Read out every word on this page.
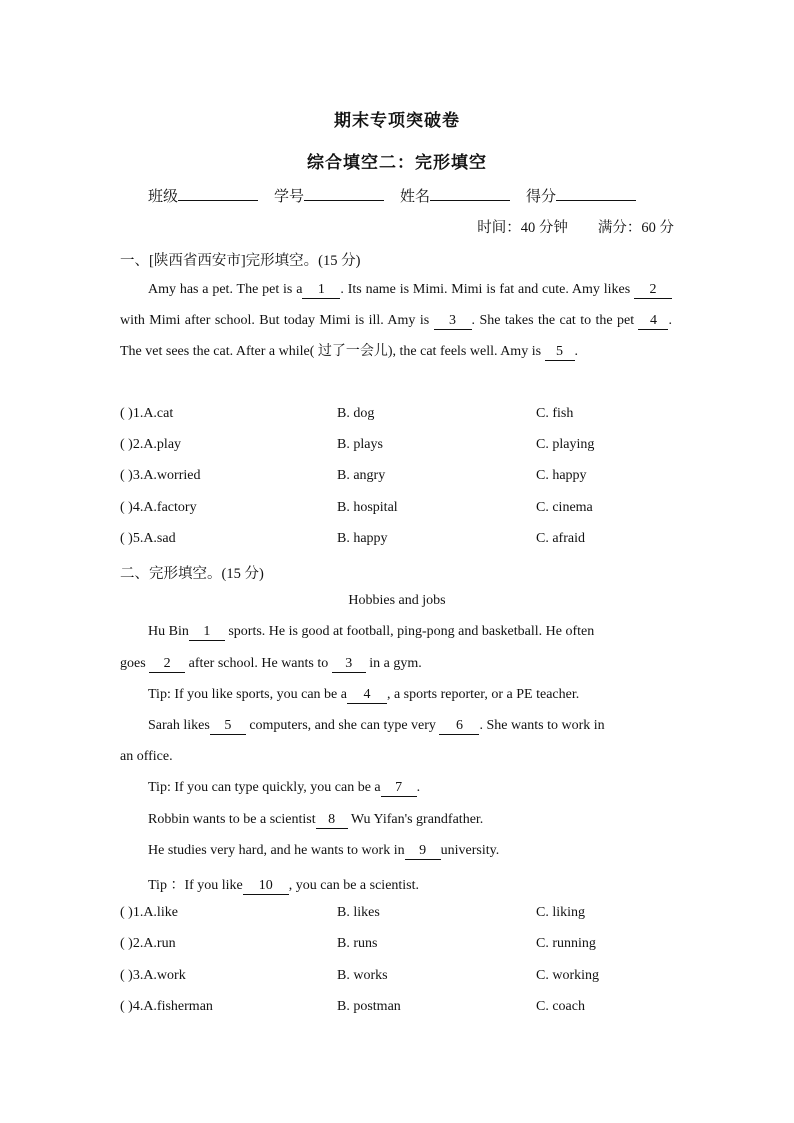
期末专项突破卷
综合填空二：完形填空
班级	学号	姓名	得分
时间：40 分钟 满分：60 分
一、[陕西省西安市]完形填空。(15 分)
Amy has a pet. The pet is a 1 . Its name is Mimi. Mimi is fat and cute. Amy likes 2 with Mimi after school. But today Mimi is ill. Amy is 3 . She takes the cat to the pet 4 . The vet sees the cat. After a while( 过了一会儿), the cat feels well. Amy is 5 .
( )1.A.cat	B. dog	C. fish
( )2.A.play	B. plays	C. playing
( )3.A.worried	B. angry	C. happy
( )4.A.factory	B. hospital	C. cinema
( )5.A.sad	B. happy	C. afraid
二、完形填空。(15 分)
Hobbies and jobs
Hu Bin 1 sports. He is good at football, ping-pong and basketball. He often
goes 2 after school. He wants to 3 in a gym.
Tip: If you like sports, you can be a 4 , a sports reporter, or a PE teacher.
Sarah likes 5 computers, and she can type very 6 . She wants to work in
an office.
Tip: If you can type quickly, you can be a 7 .
Robbin wants to be a scientist 8 Wu Yifan's grandfather.
He studies very hard, and he wants to work in 9 university.
Tip ：If you like 10 , you can be a scientist.
( )1.A.like	B. likes	C. liking
( )2.A.run	B. runs	C. running
( )3.A.work	B. works	C. working
( )4.A.fisherman	B. postman	C. coach
